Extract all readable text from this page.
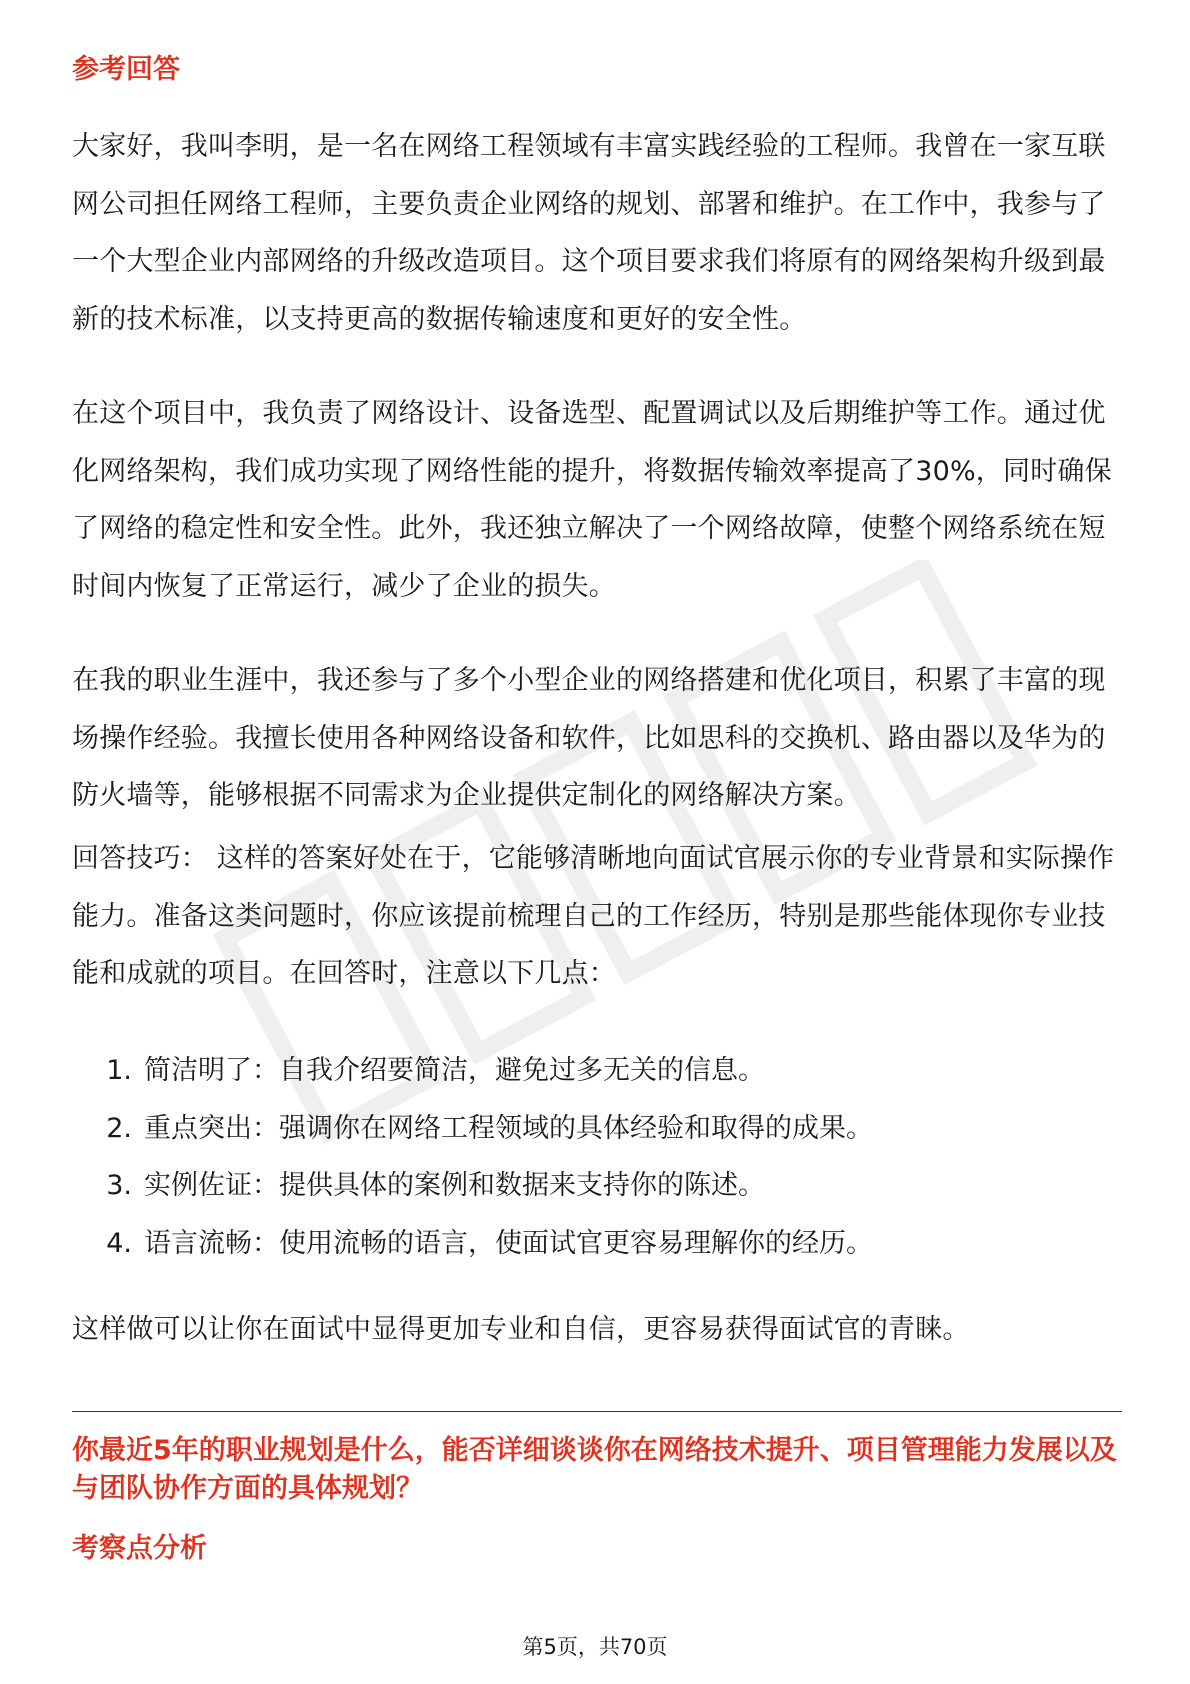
参考回答

大家好，我叫李明，是一名在网络工程领域有丰富实践经验的工程师。我曾在一家互联网公司担任网络工程师，主要负责企业网络的规划、部署和维护。在工作中，我参与了一个大型企业内部网络的升级改造项目。这个项目要求我们将原有的网络架构升级到最新的技术标准，以支持更高的数据传输速度和更好的安全性。

在这个项目中，我负责了网络设计、设备选型、配置调试以及后期维护等工作。通过优化网络架构，我们成功实现了网络性能的提升，将数据传输效率提高了30%，同时确保了网络的稳定性和安全性。此外，我还独立解决了一个网络故障，使整个网络系统在短时间内恢复了正常运行，减少了企业的损失。

在我的职业生涯中，我还参与了多个小型企业的网络搭建和优化项目，积累了丰富的现场操作经验。我擅长使用各种网络设备和软件，比如思科的交换机、路由器以及华为的防火墙等，能够根据不同需求为企业提供定制化的网络解决方案。

回答技巧： 这样的答案好处在于，它能够清晰地向面试官展示你的专业背景和实际操作能力。准备这类问题时，你应该提前梳理自己的工作经历，特别是那些能体现你专业技能和成就的项目。在回答时，注意以下几点：

1. 简洁明了：自我介绍要简洁，避免过多无关的信息。
2. 重点突出：强调你在网络工程领域的具体经验和取得的成果。
3. 实例佐证：提供具体的案例和数据来支持你的陈述。
4. 语言流畅：使用流畅的语言，使面试官更容易理解你的经历。

这样做可以让你在面试中显得更加专业和自信，更容易获得面试官的青睐。

你最近5年的职业规划是什么，能否详细谈谈你在网络技术提升、项目管理能力发展以及与团队协作方面的具体规划？

考察点分析
第5页，共70页
